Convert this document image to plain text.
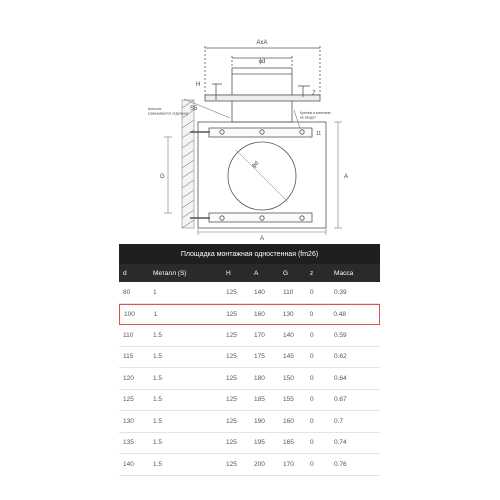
AxA
ϕd
H
Z
S5
G	A
A
11
ϕd
Консоль (заказывается отдельно)	Крепёж в комплект не входит
Площадка монтажная одностенная (fm26)
d	Металл (S)	H	A	G	z	Масса
80	1	125	140	110	0	0.39
100	1	125	160	130	0	0.48
110	1.5	125	170	140	0	0.59
115	1.5	125	175	145	0	0.62
120	1.5	125	180	150	0	0.64
125	1.5	125	185	155	0	0.67
130	1.5	125	190	160	0	0.7
135	1.5	125	195	165	0	0.74
140	1.5	125	200	170	0	0.76
